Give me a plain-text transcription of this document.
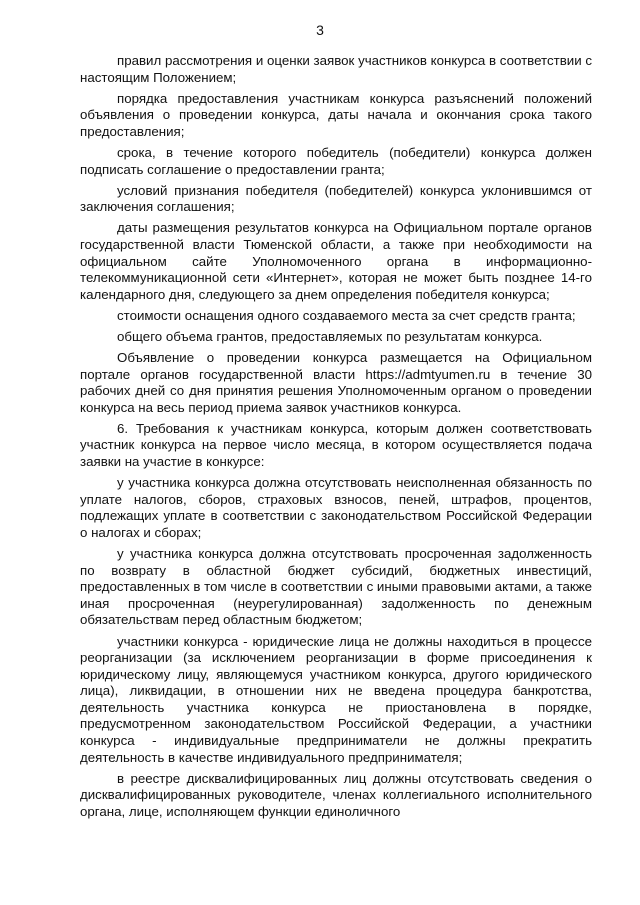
3

правил рассмотрения и оценки заявок участников конкурса в соответствии с настоящим Положением;

порядка предоставления участникам конкурса разъяснений положений объявления о проведении конкурса, даты начала и окончания срока такого предоставления;

срока, в течение которого победитель (победители) конкурса должен подписать соглашение о предоставлении гранта;

условий признания победителя (победителей) конкурса уклонившимся от заключения соглашения;

даты размещения результатов конкурса на Официальном портале органов государственной власти Тюменской области, а также при необходимости на официальном сайте Уполномоченного органа в информационно-телекоммуникационной сети «Интернет», которая не может быть позднее 14-го календарного дня, следующего за днем определения победителя конкурса;

стоимости оснащения одного создаваемого места за счет средств гранта;

общего объема грантов, предоставляемых по результатам конкурса.

Объявление о проведении конкурса размещается на Официальном портале органов государственной власти https://admtyumen.ru в течение 30 рабочих дней со дня принятия решения Уполномоченным органом о проведении конкурса на весь период приема заявок участников конкурса.

6. Требования к участникам конкурса, которым должен соответствовать участник конкурса на первое число месяца, в котором осуществляется подача заявки на участие в конкурсе:

у участника конкурса должна отсутствовать неисполненная обязанность по уплате налогов, сборов, страховых взносов, пеней, штрафов, процентов, подлежащих уплате в соответствии с законодательством Российской Федерации о налогах и сборах;

у участника конкурса должна отсутствовать просроченная задолженность по возврату в областной бюджет субсидий, бюджетных инвестиций, предоставленных в том числе в соответствии с иными правовыми актами, а также иная просроченная (неурегулированная) задолженность по денежным обязательствам перед областным бюджетом;

участники конкурса - юридические лица не должны находиться в процессе реорганизации (за исключением реорганизации в форме присоединения к юридическому лицу, являющемуся участником конкурса, другого юридического лица), ликвидации, в отношении них не введена процедура банкротства, деятельность участника конкурса не приостановлена в порядке, предусмотренном законодательством Российской Федерации, а участники конкурса - индивидуальные предприниматели не должны прекратить деятельность в качестве индивидуального предпринимателя;

в реестре дисквалифицированных лиц должны отсутствовать сведения о дисквалифицированных руководителе, членах коллегиального исполнительного органа, лице, исполняющем функции единоличного
